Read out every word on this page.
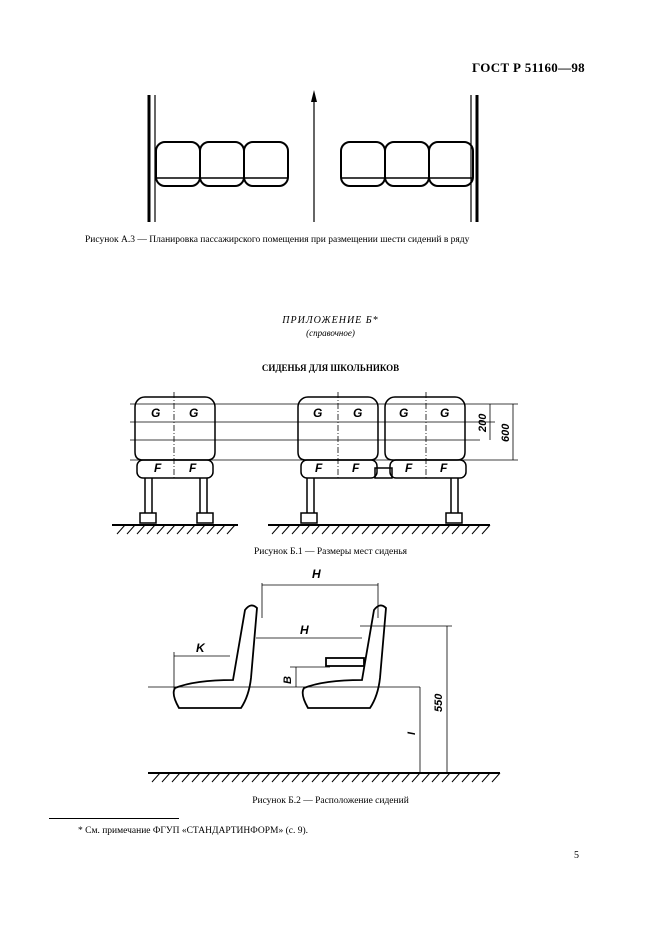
ГОСТ Р 51160—98
Рисунок А.3 — Планировка пассажирского помещения при размещении шести сидений в ряду
ПРИЛОЖЕНИЕ Б*
(справочное)
СИДЕНЬЯ ДЛЯ ШКОЛЬНИКОВ
G G	G	G	G	G
F F	F F	F F
200
600
Рисунок Б.1 — Размеры мест сиденья
H
H
K
B
I
550
Рисунок Б.2 — Расположение сидений
* См. примечание ФГУП «СТАНДАРТИНФОРМ» (с. 9).
5
